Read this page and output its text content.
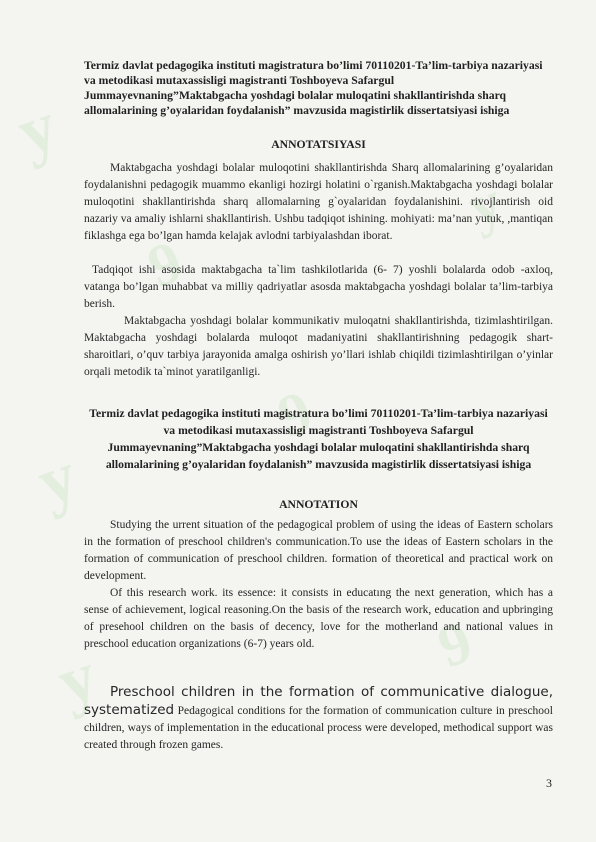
y
9
y
9
y	9
y
Termiz davlat pedagogika instituti magistratura bo’limi 70110201-Ta’lim-tarbiya nazariyasi va metodikasi mutaxassisligi magistranti Toshboyeva Safargul Jummayevnaning”Maktabgacha yoshdagi bolalar muloqatini shakllantirishda sharq allomalarining g’oyalaridan foydalanish” mavzusida magistirlik dissertatsiyasi ishiga
ANNOTATSIYASI

Maktabgacha yoshdagi bolalar muloqotini shakllantirishda Sharq allomalarining g’oyalaridan foydalanishni pedagogik muammo ekanligi hozirgi holatini o`rganish.Maktabgacha yoshdagi bolalar muloqotini shakllantirishda sharq allomalarning g`oyalaridan foydalanishini. rivojlantirish oid nazariy va amaliy ishlarni shakllantirish. Ushbu tadqiqot ishining. mohiyati: ma’nan yutuk, ,mantiqan fiklashga ega bo’lgan hamda kelajak avlodni tarbiyalashdan iborat.

Tadqiqot ishi asosida maktabgacha ta`lim tashkilotlarida (6- 7) yoshli bolalarda odob -axloq, vatanga bo’lgan muhabbat va milliy qadriyatlar asosda maktabgacha yoshdagi bolalar ta’lim-tarbiya berish.

Maktabgacha yoshdagi bolalar kommunikativ muloqatni shakllantirishda, tizimlashtirilgan. Maktabgacha yoshdagi bolalarda muloqot madaniyatini shakllantirishning pedagogik shart-sharoitlari, o’quv tarbiya jarayonida amalga oshirish yo’llari ishlab chiqildi tizimlashtirilgan o’yinlar orqali metodik ta`minot yaratilganligi.

Termiz davlat pedagogika instituti magistratura bo’limi 70110201-Ta’lim-tarbiya nazariyasi va metodikasi mutaxassisligi magistranti Toshboyeva Safargul Jummayevnaning”Maktabgacha yoshdagi bolalar muloqatini shakllantirishda sharq allomalarining g’oyalaridan foydalanish” mavzusida magistirlik dissertatsiyasi ishiga
ANNOTATION

Studying the urrent situation of the pedagogical problem of using the ideas of Eastern scholars in the formation of preschool children's communication.To use the ideas of Eastern scholars in the formation of communication of preschool children. formation of theoretical and practical work on development.

Of this research work. its essence: it consists in educatıng the next generation, which has a sense of achievement, logical reasoning.On the basis of the research work, education and upbringing of presehool children on the basis of decency, love for the motherland and national values in preschool education organizations (6-7) years old.

Preschool children in the formation of communicative dialogue, systematized Pedagogical conditions for the formation of communication culture in preschool children, ways of implementation in the educational process were developed, methodical support was created through frozen games.

3
